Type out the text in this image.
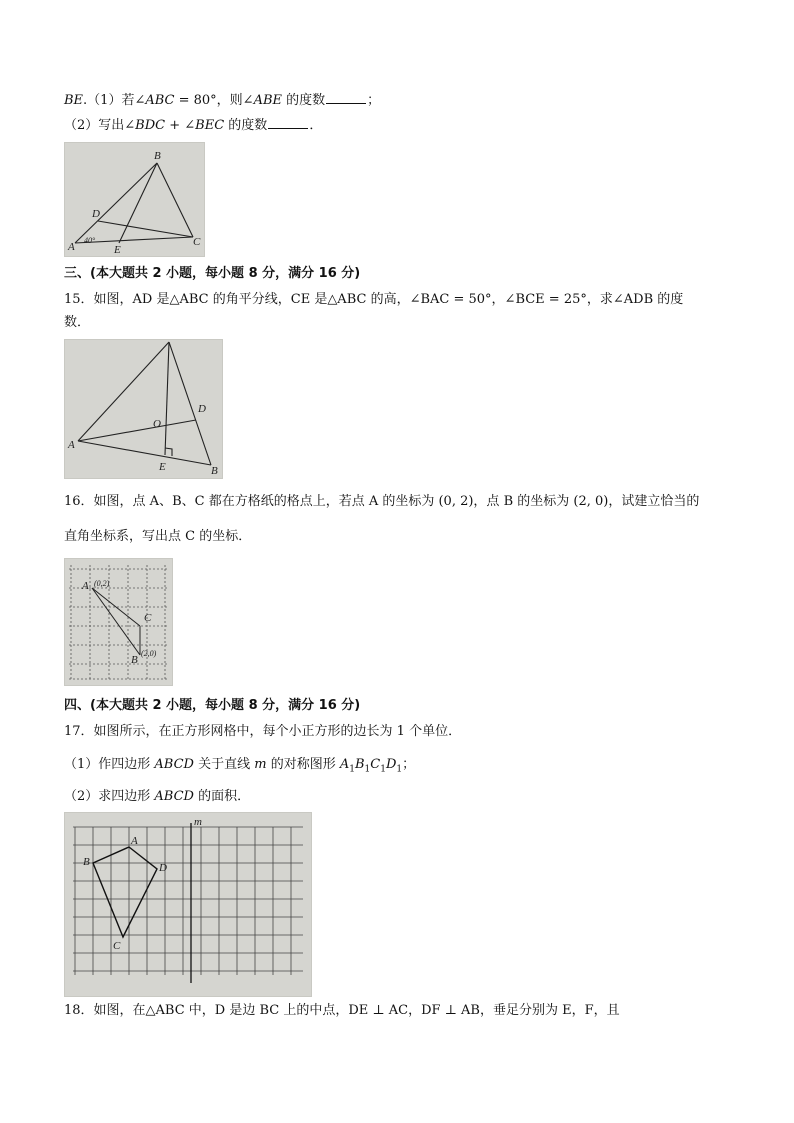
BE.（1）若∠ABC = 80°，则∠ABE 的度数	；
（2）写出∠BDC + ∠BEC 的度数	．
B
D
A	E
C
40°
三、(本大题共 2 小题，每小题 8 分，满分 16 分)
15．如图，AD 是△ABC 的角平分线，CE 是△ABC 的高，∠BAC = 50°，∠BCE = 25°，求∠ADB 的度
数．
A
O
D
E	B
16．如图，点 A、B、C 都在方格纸的格点上，若点 A 的坐标为 (0, 2)，点 B 的坐标为 (2, 0)，试建立恰当的
直角坐标系，写出点 C 的坐标．
A (0,2)
C
B
(2,0)
四、(本大题共 2 小题，每小题 8 分，满分 16 分)
17．如图所示，在正方形网格中，每个小正方形的边长为 1 个单位．
（1）作四边形 ABCD 关于直线 m 的对称图形 $A_1B_1C_1D_1$；
（2）求四边形 ABCD 的面积．
m
A
B	D
C
18．如图，在△ABC 中，D 是边 BC 上的中点，DE ⊥ AC，DF ⊥ AB，垂足分别为 E，F，且
